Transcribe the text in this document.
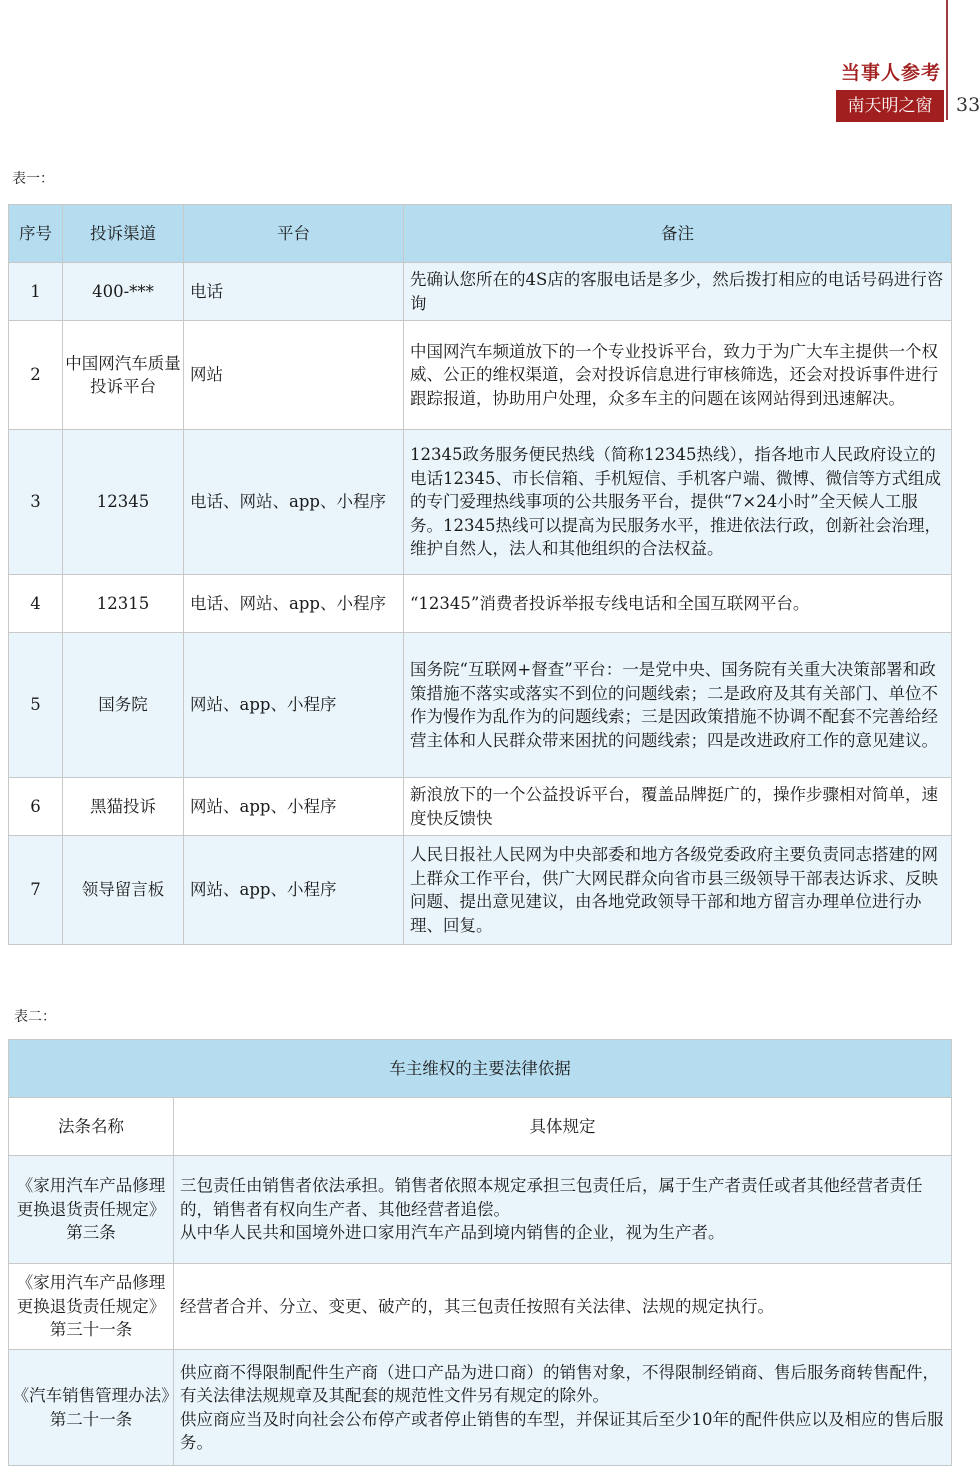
当事人参考
南天明之窗	33
表一：
序号	投诉渠道	平台	备注
1	400-***	电话	先确认您所在的4S店的客服电话是多少，然后拨打相应的电话号码进行咨询
2	中国网汽车质量投诉平台	网站	中国网汽车频道放下的一个专业投诉平台，致力于为广大车主提供一个权威、公正的维权渠道，会对投诉信息进行审核筛选，还会对投诉事件进行跟踪报道，协助用户处理，众多车主的问题在该网站得到迅速解决。
3	12345	电话、网站、app、小程序	12345政务服务便民热线（简称12345热线），指各地市人民政府设立的电话12345、市长信箱、手机短信、手机客户端、微博、微信等方式组成的专门爱理热线事项的公共服务平台，提供“7×24小时”全天候人工服务。12345热线可以提高为民服务水平，推进依法行政，创新社会治理，维护自然人，法人和其他组织的合法权益。
4	12315	电话、网站、app、小程序	“12345”消费者投诉举报专线电话和全国互联网平台。
5	国务院	网站、app、小程序	国务院“互联网+督查”平台：一是党中央、国务院有关重大决策部署和政策措施不落实或落实不到位的问题线索；二是政府及其有关部门、单位不作为慢作为乱作为的问题线索；三是因政策措施不协调不配套不完善给经营主体和人民群众带来困扰的问题线索；四是改进政府工作的意见建议。
6	黑猫投诉	网站、app、小程序	新浪放下的一个公益投诉平台，覆盖品牌挺广的，操作步骤相对简单，速度快反馈快
7	领导留言板	网站、app、小程序	人民日报社人民网为中央部委和地方各级党委政府主要负责同志搭建的网上群众工作平台，供广大网民群众向省市县三级领导干部表达诉求、反映问题、提出意见建议，由各地党政领导干部和地方留言办理单位进行办理、回复。
表二：
车主维权的主要法律依据	
法条名称	具体规定
《家用汽车产品修理更换退货责任规定》第三条	三包责任由销售者依法承担。销售者依照本规定承担三包责任后，属于生产者责任或者其他经营者责任的，销售者有权向生产者、其他经营者追偿。
从中华人民共和国境外进口家用汽车产品到境内销售的企业，视为生产者。

《家用汽车产品修理更换退货责任规定》第三十一条	经营者合并、分立、变更、破产的，其三包责任按照有关法律、法规的规定执行。

《汽车销售管理办法》第二十一条	供应商不得限制配件生产商（进口产品为进口商）的销售对象，不得限制经销商、售后服务商转售配件，有关法律法规规章及其配套的规范性文件另有规定的除外。
供应商应当及时向社会公布停产或者停止销售的车型，并保证其后至少10年的配件供应以及相应的售后服务。
